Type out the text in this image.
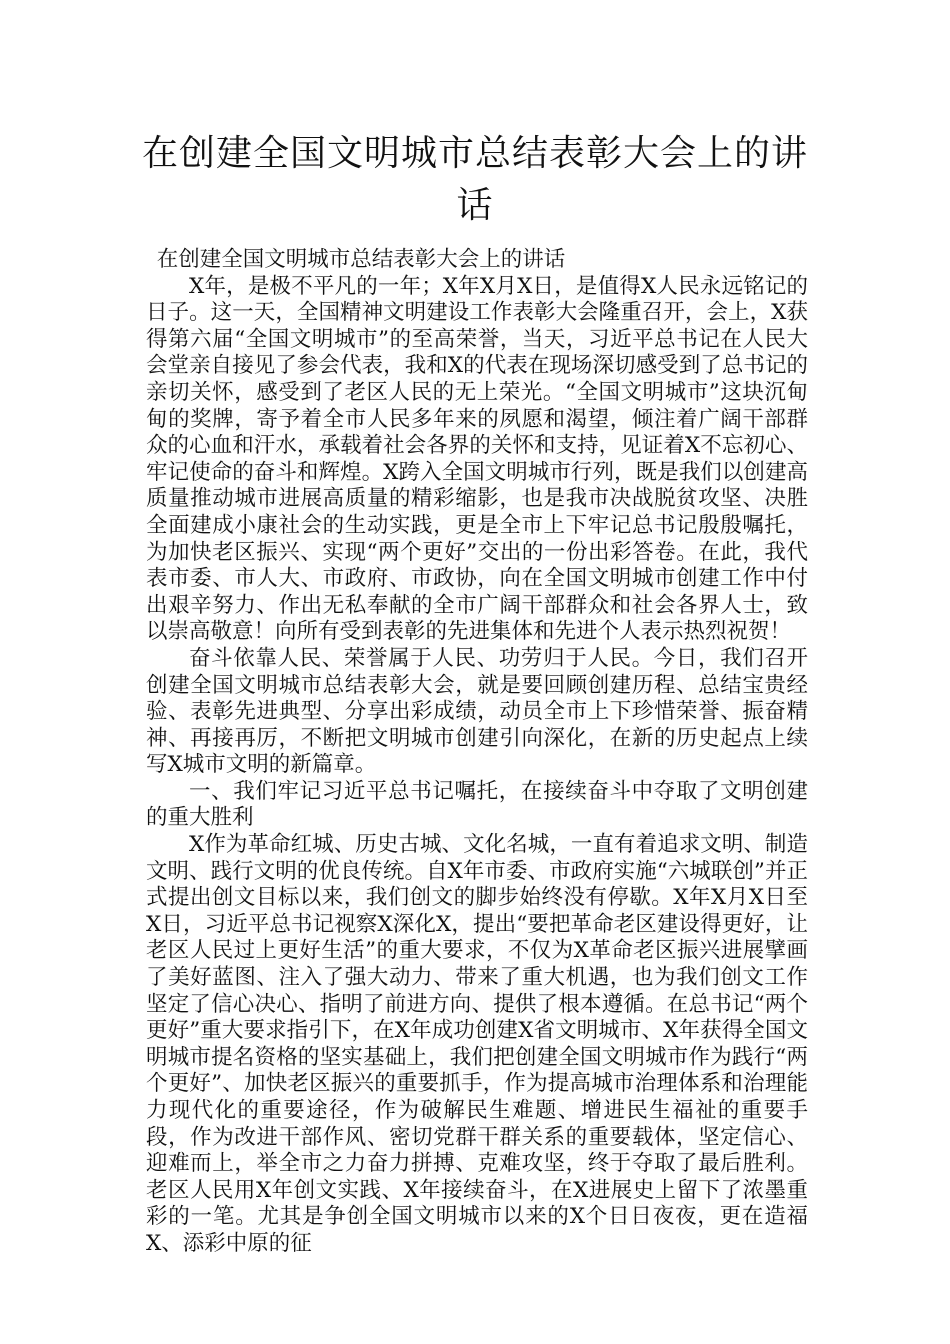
在创建全国文明城市总结表彰大会上的讲话

在创建全国文明城市总结表彰大会上的讲话

X年，是极不平凡的一年；X年X月X日，是值得X人民永远铭记的日子。这一天，全国精神文明建设工作表彰大会隆重召开，会上，X获得第六届“全国文明城市”的至高荣誉，当天，习近平总书记在人民大会堂亲自接见了参会代表，我和X的代表在现场深切感受到了总书记的亲切关怀，感受到了老区人民的无上荣光。“全国文明城市”这块沉甸甸的奖牌，寄予着全市人民多年来的夙愿和渴望，倾注着广阔干部群众的心血和汗水，承载着社会各界的关怀和支持，见证着X不忘初心、牢记使命的奋斗和辉煌。X跨入全国文明城市行列，既是我们以创建高质量推动城市进展高质量的精彩缩影，也是我市决战脱贫攻坚、决胜全面建成小康社会的生动实践，更是全市上下牢记总书记殷殷嘱托，为加快老区振兴、实现“两个更好”交出的一份出彩答卷。在此，我代表市委、市人大、市政府、市政协，向在全国文明城市创建工作中付出艰辛努力、作出无私奉献的全市广阔干部群众和社会各界人士，致以崇高敬意！向所有受到表彰的先进集体和先进个人表示热烈祝贺！

奋斗依靠人民、荣誉属于人民、功劳归于人民。今日，我们召开创建全国文明城市总结表彰大会，就是要回顾创建历程、总结宝贵经验、表彰先进典型、分享出彩成绩，动员全市上下珍惜荣誉、振奋精神、再接再厉，不断把文明城市创建引向深化，在新的历史起点上续写X城市文明的新篇章。

一、我们牢记习近平总书记嘱托，在接续奋斗中夺取了文明创建的重大胜利

X作为革命红城、历史古城、文化名城，一直有着追求文明、制造文明、践行文明的优良传统。自X年市委、市政府实施“六城联创”并正式提出创文目标以来，我们创文的脚步始终没有停歇。X年X月X日至X日，习近平总书记视察X深化X，提出“要把革命老区建设得更好，让老区人民过上更好生活”的重大要求，不仅为X革命老区振兴进展擘画了美好蓝图、注入了强大动力、带来了重大机遇，也为我们创文工作坚定了信心决心、指明了前进方向、提供了根本遵循。在总书记“两个更好”重大要求指引下，在X年成功创建X省文明城市、X年获得全国文明城市提名资格的坚实基础上，我们把创建全国文明城市作为践行“两个更好”、加快老区振兴的重要抓手，作为提高城市治理体系和治理能力现代化的重要途径，作为破解民生难题、增进民生福祉的重要手段，作为改进干部作风、密切党群干群关系的重要载体，坚定信心、迎难而上，举全市之力奋力拼搏、克难攻坚，终于夺取了最后胜利。老区人民用X年创文实践、X年接续奋斗，在X进展史上留下了浓墨重彩的一笔。尤其是争创全国文明城市以来的X个日日夜夜，更在造福X、添彩中原的征
